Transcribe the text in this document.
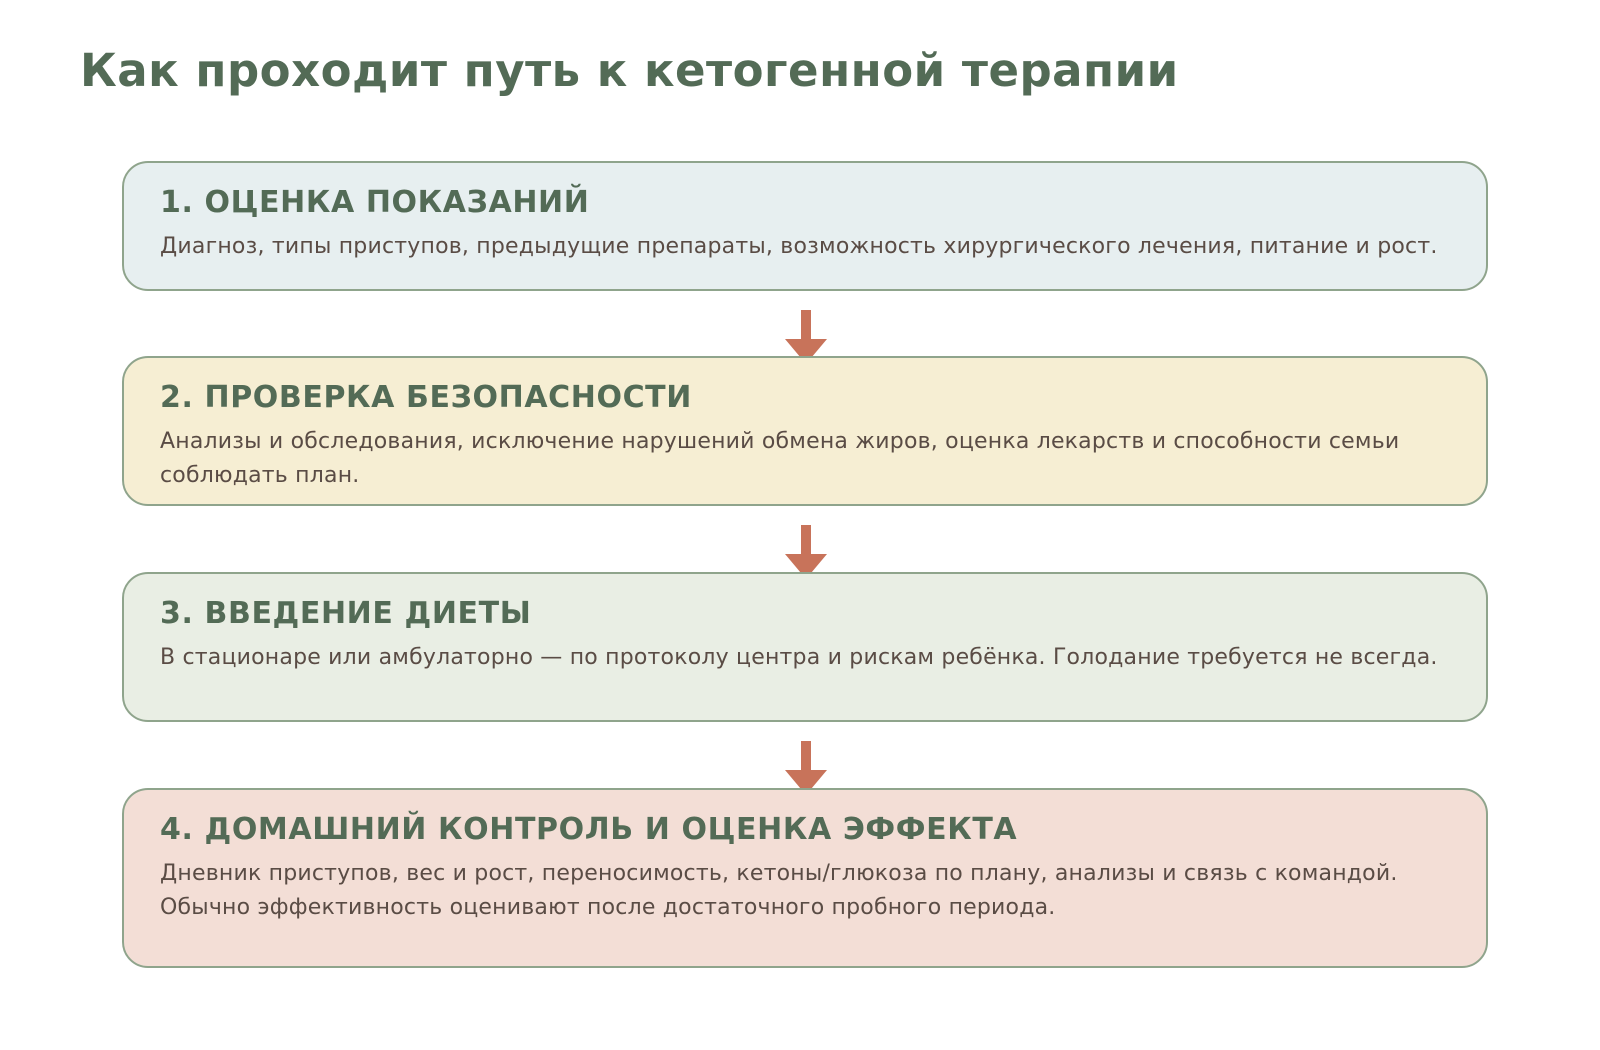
Как проходит путь к кетогенной терапии
1. ОЦЕНКА ПОКАЗАНИЙ

Диагноз, типы приступов, предыдущие препараты, возможность хирургического лечения, питание и рост.

2. ПРОВЕРКА БЕЗОПАСНОСТИ

Анализы и обследования, исключение нарушений обмена жиров, оценка лекарств и способности семьи соблюдать план.

3. ВВЕДЕНИЕ ДИЕТЫ

В стационаре или амбулаторно — по протоколу центра и рискам ребёнка. Голодание требуется не всегда.

4. ДОМАШНИЙ КОНТРОЛЬ И ОЦЕНКА ЭФФЕКТА

Дневник приступов, вес и рост, переносимость, кетоны/глюкоза по плану, анализы и связь с командой. Обычно эффективность оценивают после достаточного пробного периода.
